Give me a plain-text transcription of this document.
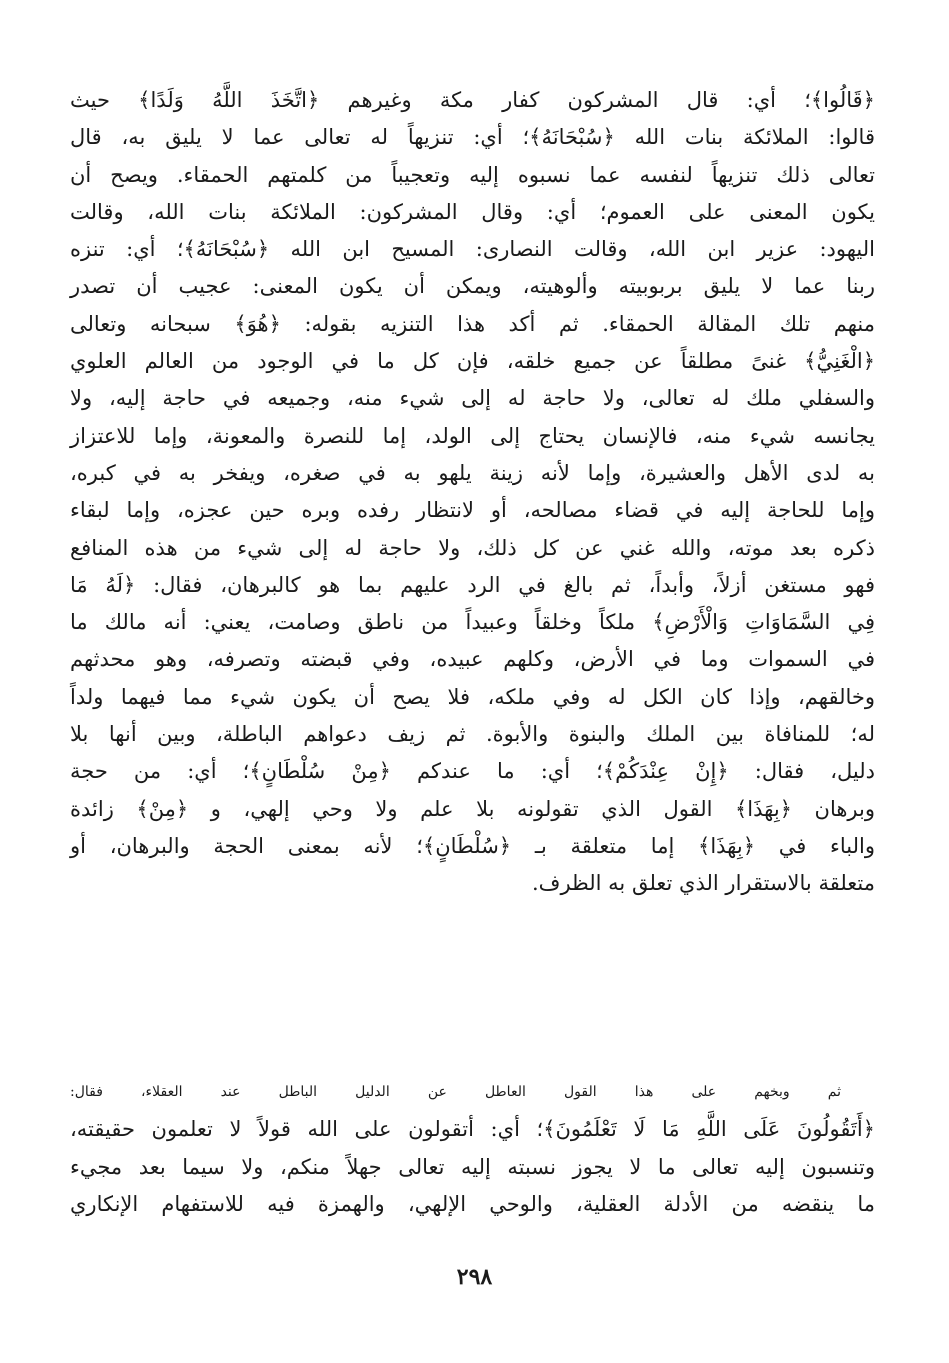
﴿قَالُوا﴾؛ أي: قال المشركون كفار مكة وغيرهم ﴿اتَّخَذَ اللَّهُ وَلَدًا﴾ حيث
قالوا: الملائكة بنات الله ﴿سُبْحَانَهُ﴾؛ أي: تنزيهاً له تعالى عما لا يليق به، قال
تعالى ذلك تنزيهاً لنفسه عما نسبوه إليه وتعجيباً من كلمتهم الحمقاء. ويصح أن
يكون المعنى على العموم؛ أي: وقال المشركون: الملائكة بنات الله، وقالت
اليهود: عزير ابن الله، وقالت النصارى: المسيح ابن الله ﴿سُبْحَانَهُ﴾؛ أي: تنزه
ربنا عما لا يليق بربوبيته وألوهيته، ويمكن أن يكون المعنى: عجيب أن تصدر
منهم تلك المقالة الحمقاء. ثم أكد هذا التنزيه بقوله: ﴿هُوَ﴾ سبحانه وتعالى
﴿الْغَنِيُّ﴾ غنىً مطلقاً عن جميع خلقه، فإن كل ما في الوجود من العالم العلوي
والسفلي ملك له تعالى، ولا حاجة له إلى شيء منه، وجميعه في حاجة إليه، ولا
يجانسه شيء منه، فالإنسان يحتاج إلى الولد، إما للنصرة والمعونة، وإما للاعتزاز
به لدى الأهل والعشيرة، وإما لأنه زينة يلهو به في صغره، ويفخر به في كبره،
وإما للحاجة إليه في قضاء مصالحه، أو لانتظار رفده وبره حين عجزه، وإما لبقاء
ذكره بعد موته، والله غني عن كل ذلك، ولا حاجة له إلى شيء من هذه المنافع
فهو مستغن أزلاً، وأبداً، ثم بالغ في الرد عليهم بما هو كالبرهان، فقال: ﴿لَهُ مَا
فِي السَّمَاوَاتِ وَالْأَرْضِ﴾ ملكاً وخلقاً وعبيداً من ناطق وصامت، يعني: أنه مالك ما
في السموات وما في الأرض، وكلهم عبيده، وفي قبضته وتصرفه، وهو محدثهم
وخالقهم، وإذا كان الكل له وفي ملكه، فلا يصح أن يكون شيء مما فيهما ولداً
له؛ للمنافاة بين الملك والبنوة والأبوة. ثم زيف دعواهم الباطلة، وبين أنها بلا
دليل، فقال: ﴿إِنْ عِنْدَكُمْ﴾؛ أي: ما عندكم ﴿مِنْ سُلْطَانٍ﴾؛ أي: من حجة
وبرهان ﴿بِهَذَا﴾ القول الذي تقولونه بلا علم ولا وحي إلهي، و ﴿مِنْ﴾ زائدة
والباء في ﴿بِهَذَا﴾ إما متعلقة بـ ﴿سُلْطَانٍ﴾؛ لأنه بمعنى الحجة والبرهان، أو
متعلقة بالاستقرار الذي تعلق به الظرف.
ثم وبخهم على هذا القول العاطل عن الدليل الباطل عند العقلاء، فقال:
﴿أَتَقُولُونَ عَلَى اللَّهِ مَا لَا تَعْلَمُونَ﴾؛ أي: أتقولون على الله قولاً لا تعلمون حقيقته،
وتنسبون إليه تعالى ما لا يجوز نسبته إليه تعالى جهلاً منكم، ولا سيما بعد مجيء
ما ينقضه من الأدلة العقلية، والوحي الإلهي، والهمزة فيه للاستفهام الإنكاري
٢٩٨
